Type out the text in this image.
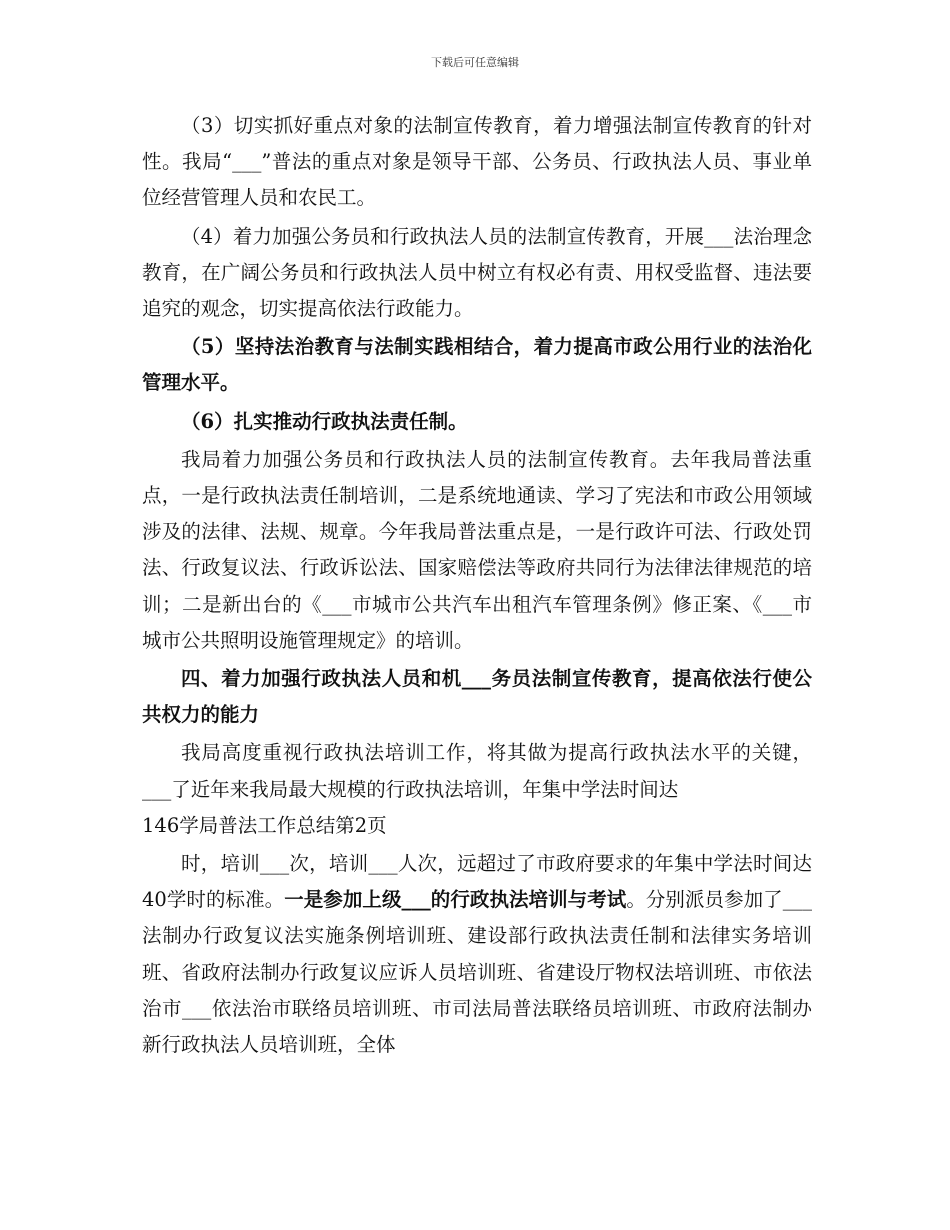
下载后可任意编辑

（3）切实抓好重点对象的法制宣传教育，着力增强法制宣传教育的针对性。我局“___”普法的重点对象是领导干部、公务员、行政执法人员、事业单位经营管理人员和农民工。

（4）着力加强公务员和行政执法人员的法制宣传教育，开展___法治理念教育，在广阔公务员和行政执法人员中树立有权必有责、用权受监督、违法要追究的观念，切实提高依法行政能力。

（5）坚持法治教育与法制实践相结合，着力提高市政公用行业的法治化管理水平。

（6）扎实推动行政执法责任制。

我局着力加强公务员和行政执法人员的法制宣传教育。去年我局普法重点，一是行政执法责任制培训，二是系统地通读、学习了宪法和市政公用领域涉及的法律、法规、规章。今年我局普法重点是，一是行政许可法、行政处罚法、行政复议法、行政诉讼法、国家赔偿法等政府共同行为法律法律规范的培训；二是新出台的《___市城市公共汽车出租汽车管理条例》修正案、《___市城市公共照明设施管理规定》的培训。

四、着力加强行政执法人员和机___务员法制宣传教育，提高依法行使公共权力的能力

我局高度重视行政执法培训工作，将其做为提高行政执法水平的关键，___了近年来我局最大规模的行政执法培训，年集中学法时间达

146学局普法工作总结第2页

时，培训___次，培训___人次，远超过了市政府要求的年集中学法时间达40学时的标准。一是参加上级___的行政执法培训与考试。分别派员参加了___法制办行政复议法实施条例培训班、建设部行政执法责任制和法律实务培训班、省政府法制办行政复议应诉人员培训班、省建设厅物权法培训班、市依法治市___依法治市联络员培训班、市司法局普法联络员培训班、市政府法制办新行政执法人员培训班，全体
